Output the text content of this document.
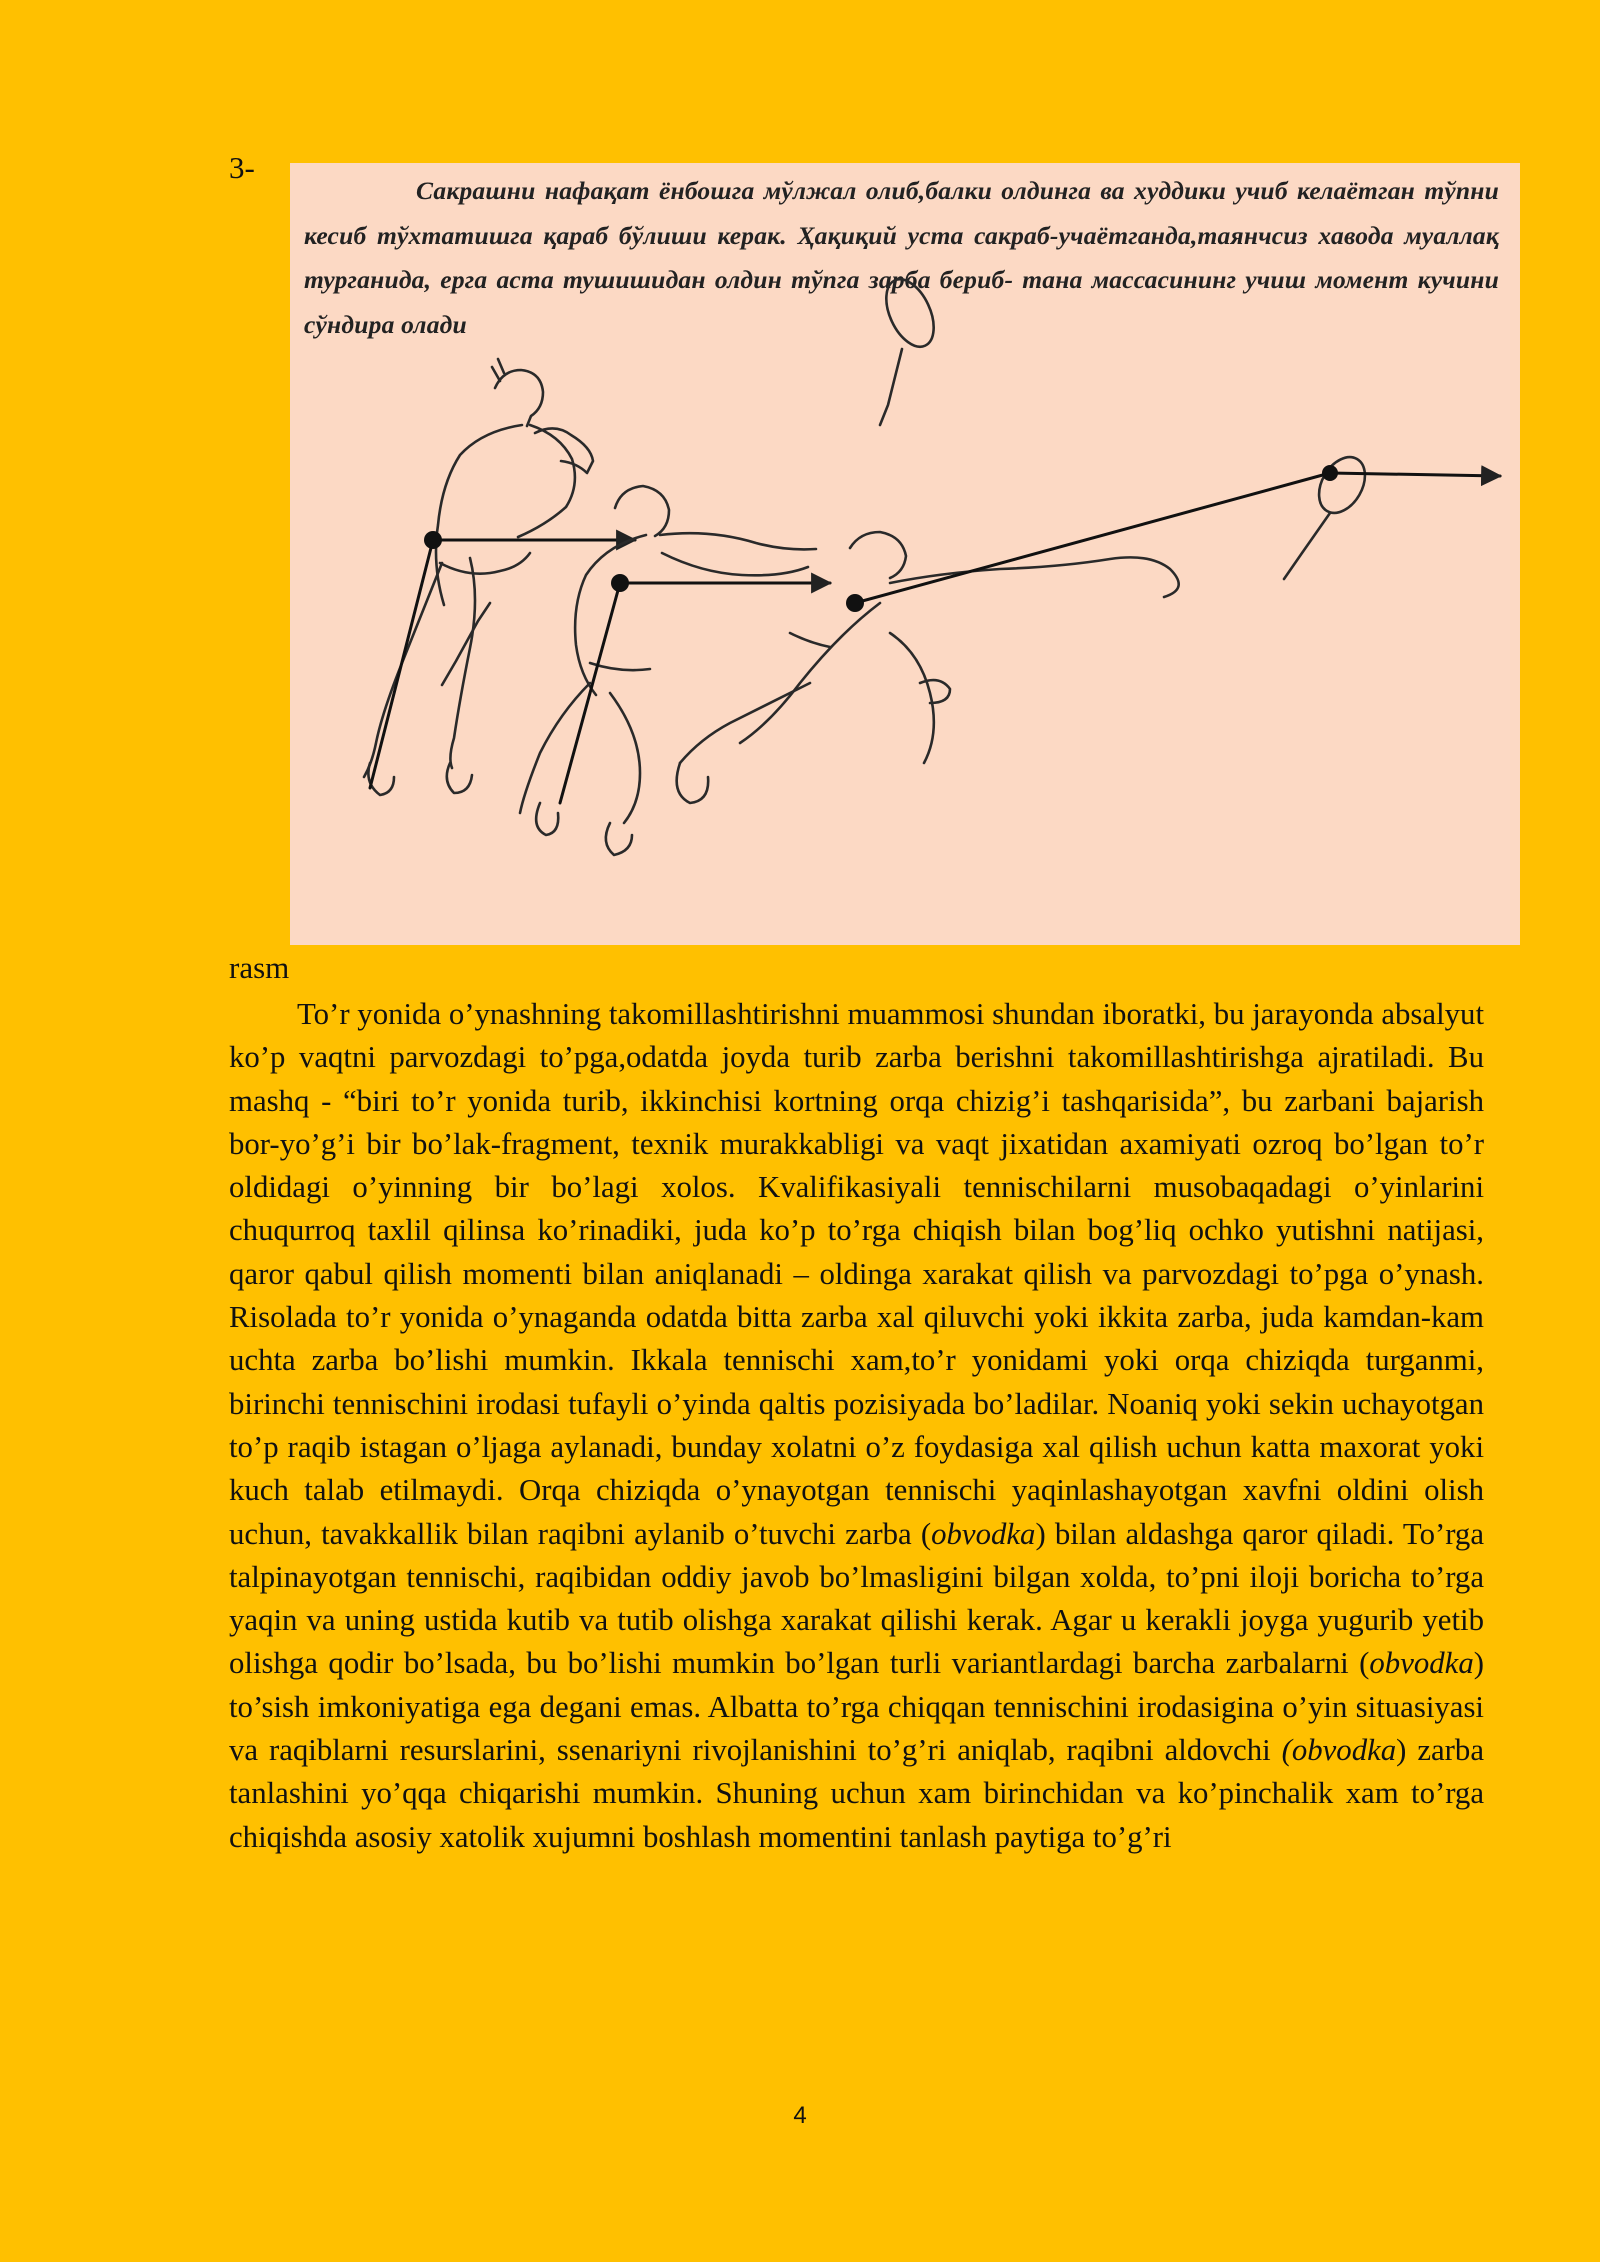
3-
Сакрашни нафақат ёнбошга мўлжал олиб,балки олдинга ва худдики учиб келаётган тўпни кесиб тўхтатишга қараб бўлиши керак. Ҳақиқий уста сакраб-учаётганда,таянчсиз хавода муаллақ турганида, ерга аста тушишидан олдин тўпга зарба бериб- тана массасининг учиш момент кучини сўндира олади
rasm

To’r yonida o’ynashning takomillashtirishni muammosi shundan iboratki, bu jarayonda absalyut ko’p vaqtni parvozdagi to’pga,odatda joyda turib zarba berishni takomillashtirishga ajratiladi. Bu mashq - “biri to’r yonida turib, ikkinchisi kortning orqa chizig’i tashqarisida”, bu zarbani bajarish bor-yo’g’i bir bo’lak-fragment, texnik murakkabligi va vaqt jixatidan axamiyati ozroq bo’lgan to’r oldidagi o’yinning bir bo’lagi xolos. Kvalifikasiyali tennischilarni musobaqadagi o’yinlarini chuqurroq taxlil qilinsa ko’rinadiki, juda ko’p to’rga chiqish bilan bog’liq ochko yutishni natijasi, qaror qabul qilish momenti bilan aniqlanadi – oldinga xarakat qilish va parvozdagi to’pga o’ynash. Risolada to’r yonida o’ynaganda odatda bitta zarba xal qiluvchi yoki ikkita zarba, juda kamdan-kam uchta zarba bo’lishi mumkin. Ikkala tennischi xam,to’r yonidami yoki orqa chiziqda turganmi, birinchi tennischini irodasi tufayli o’yinda qaltis pozisiyada bo’ladilar. Noaniq yoki sekin uchayotgan to’p raqib istagan o’ljaga aylanadi, bunday xolatni o’z foydasiga xal qilish uchun katta maxorat yoki kuch talab etilmaydi. Orqa chiziqda o’ynayotgan tennischi yaqinlashayotgan xavfni oldini olish uchun, tavakkallik bilan raqibni aylanib o’tuvchi zarba (obvodka) bilan aldashga qaror qiladi. To’rga talpinayotgan tennischi, raqibidan oddiy javob bo’lmasligini bilgan xolda, to’pni iloji boricha to’rga yaqin va uning ustida kutib va tutib olishga xarakat qilishi kerak. Agar u kerakli joyga yugurib yetib olishga qodir bo’lsada, bu bo’lishi mumkin bo’lgan turli variantlardagi barcha zarbalarni (obvodka) to’sish imkoniyatiga ega degani emas. Albatta to’rga chiqqan tennischini irodasigina o’yin situasiyasi va raqiblarni resurslarini, ssenariyni rivojlanishini to’g’ri aniqlab, raqibni aldovchi (obvodka) zarba tanlashini yo’qqa chiqarishi mumkin. Shuning uchun xam birinchidan va ko’pinchalik xam to’rga chiqishda asosiy xatolik xujumni boshlash momentini tanlash paytiga to’g’ri

4
